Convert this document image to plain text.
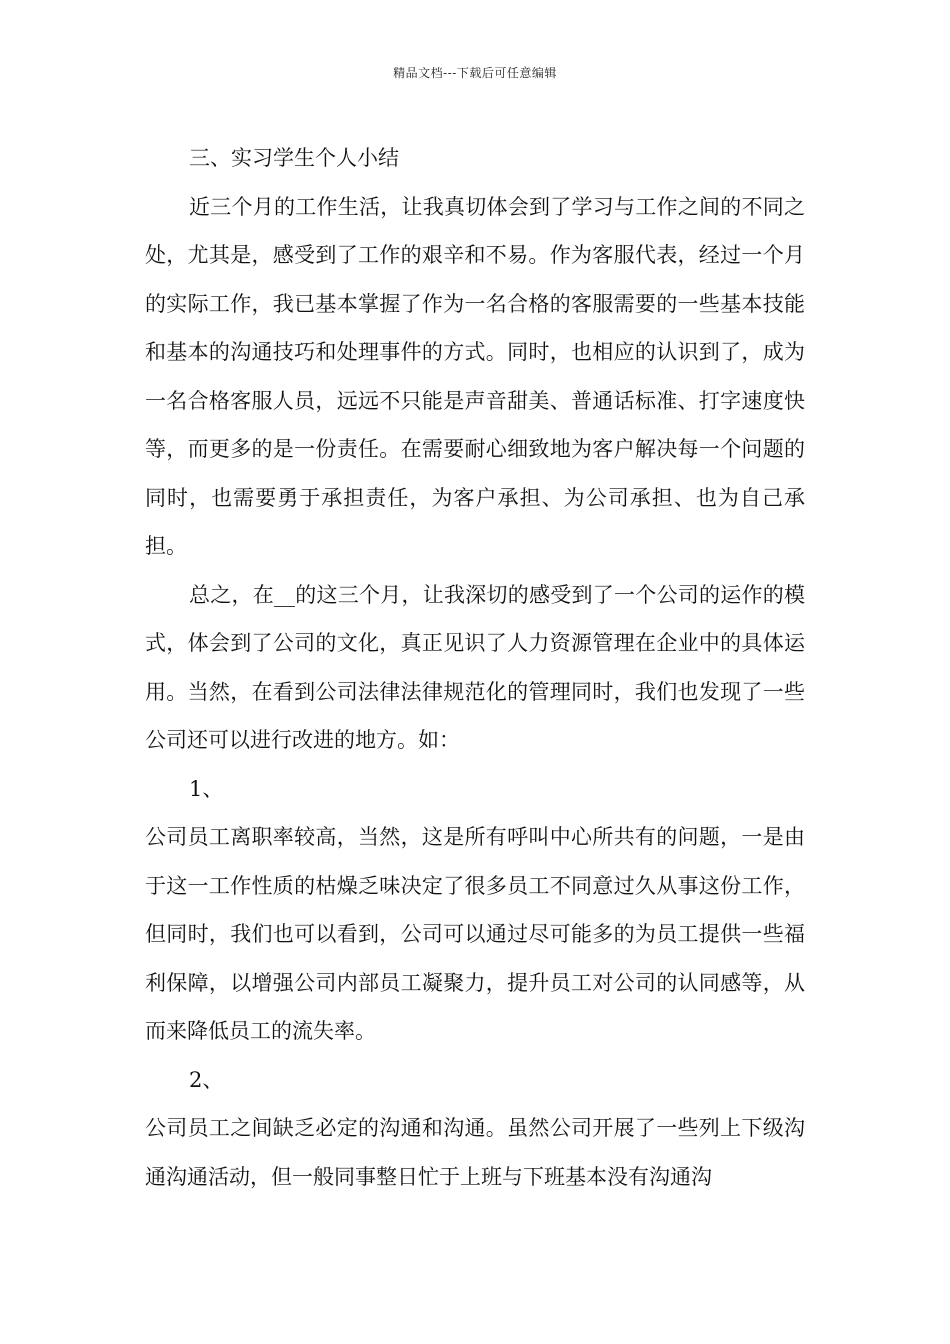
精品文档---下载后可任意编辑

三、实习学生个人小结

近三个月的工作生活，让我真切体会到了学习与工作之间的不同之处，尤其是，感受到了工作的艰辛和不易。作为客服代表，经过一个月的实际工作，我已基本掌握了作为一名合格的客服需要的一些基本技能和基本的沟通技巧和处理事件的方式。同时，也相应的认识到了，成为一名合格客服人员，远远不只能是声音甜美、普通话标准、打字速度快等，而更多的是一份责任。在需要耐心细致地为客户解决每一个问题的同时，也需要勇于承担责任，为客户承担、为公司承担、也为自己承担。

总之，在__的这三个月，让我深切的感受到了一个公司的运作的模式，体会到了公司的文化，真正见识了人力资源管理在企业中的具体运用。当然，在看到公司法律法律规范化的管理同时，我们也发现了一些公司还可以进行改进的地方。如：

1、

公司员工离职率较高，当然，这是所有呼叫中心所共有的问题，一是由于这一工作性质的枯燥乏味决定了很多员工不同意过久从事这份工作，但同时，我们也可以看到，公司可以通过尽可能多的为员工提供一些福利保障，以增强公司内部员工凝聚力，提升员工对公司的认同感等，从而来降低员工的流失率。

2、

公司员工之间缺乏必定的沟通和沟通。虽然公司开展了一些列上下级沟通沟通活动，但一般同事整日忙于上班与下班基本没有沟通沟
